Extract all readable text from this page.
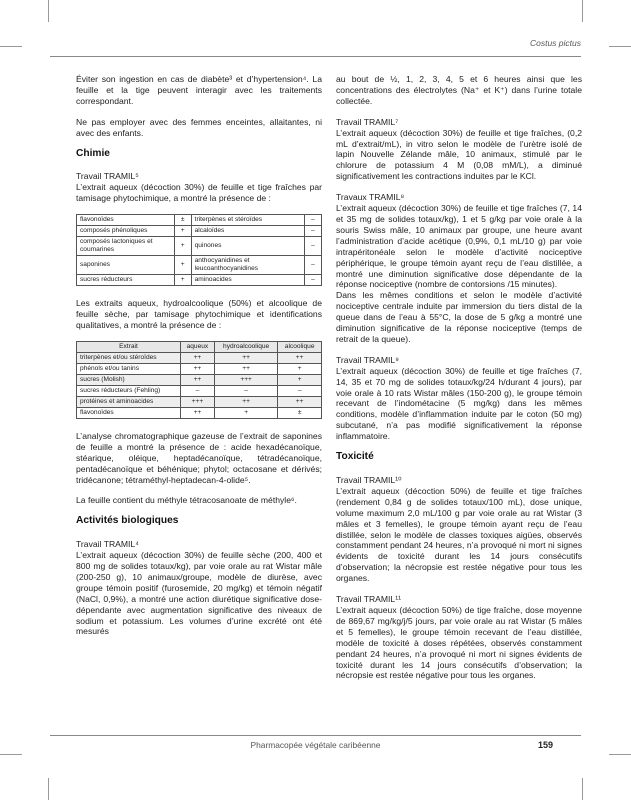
Costus pictus

Éviter son ingestion en cas de diabète³ et d’hypertension⁴. La feuille et la tige peuvent interagir avec les traitements correspondant.

Ne pas employer avec des femmes enceintes, allaitantes, ni avec des enfants.

Chimie
Travail TRAMIL⁵

L’extrait aqueux (décoction 30%) de feuille et tige fraîches par tamisage phytochimique, a montré la présence de :

flavonoïdes	±	triterpènes et stéroïdes	–
composés phénoliques	+	alcaloïdes	–
composés lactoniques et coumarines	+	quinones	–
saponines	+	anthocyanidines et leucoanthocyanidines	–
sucres réducteurs	+	aminoacides	–

Les extraits aqueux, hydroalcoolique (50%) et alcoolique de feuille sèche, par tamisage phytochimique et identifications qualitatives, a montré la présence de :

Extrait	aqueux	hydroalcoolique	alcoolique
triterpènes et/ou stéroïdes	++	++	++
phénols et/ou tanins	++	++	+
sucres (Molish)	++	+++	+
sucres réducteurs (Fehling)	–	–	–
protéines et aminoacides	+++	++	++
flavonoïdes	++	+	±

L’analyse chromatographique gazeuse de l’extrait de saponines de feuille a montré la présence de : acide hexadécanoïque, stéarique, oléique, heptadécanoïque, tétradécanoïque, pentadécanoïque et béhénique; phytol; octacosane et dérivés; tridécanone; tétraméthyl-heptadecan-4-olide⁵.

La feuille contient du méthyle tétracosanoate de méthyle⁶.

Activités biologiques
Travail TRAMIL⁴

L’extrait aqueux (décoction 30%) de feuille sèche (200, 400 et 800 mg de solides totaux/kg), par voie orale au rat Wistar mâle (200-250 g), 10 animaux/groupe, modèle de diurèse, avec groupe témoin positif (furosemide, 20 mg/kg) et témoin négatif (NaCl, 0,9%), a montré une action diurétique significative dose-dépendante avec augmentation significative des niveaux de sodium et potassium. Les volumes d’urine excrété ont été mesurés

au bout de ½, 1, 2, 3, 4, 5 et 6 heures ainsi que les concentrations des électrolytes (Na⁺ et K⁺) dans l’urine totale collectée.

Travail TRAMIL⁷

L’extrait aqueux (décoction 30%) de feuille et tige fraîches, (0,2 mL d’extrait/mL), in vitro selon le modèle de l’urètre isolé de lapin Nouvelle Zélande mâle, 10 animaux, stimulé par le chlorure de potassium 4 M (0,08 mM/L), a diminué significativement les contractions induites par le KCl.

Travaux TRAMIL⁸

L’extrait aqueux (décoction 30%) de feuille et tige fraîches (7, 14 et 35 mg de solides totaux/kg), 1 et 5 g/kg par voie orale à la souris Swiss mâle, 10 animaux par groupe, une heure avant l’administration d’acide acétique (0,9%, 0,1 mL/10 g) par voie intrapéritonéale selon le modèle d’activité nociceptive périphérique, le groupe témoin ayant reçu de l’eau distillée, a montré une diminution significative dose dépendante de la réponse nociceptive (nombre de contorsions /15 minutes).

Dans les mêmes conditions et selon le modèle d’activité nociceptive centrale induite par immersion du tiers distal de la queue dans de l’eau à 55°C, la dose de 5 g/kg a montré une diminution significative de la réponse nociceptive (temps de retrait de la queue).

Travail TRAMIL⁹

L’extrait aqueux (décoction 30%) de feuille et tige fraîches (7, 14, 35 et 70 mg de solides totaux/kg/24 h/durant 4 jours), par voie orale à 10 rats Wistar mâles (150-200 g), le groupe témoin recevant de l’indométacine (5 mg/kg) dans les mêmes conditions, modèle d’inflammation induite par le coton (50 mg) subcutané, n’a pas modifié significativement la réponse inflammatoire.

Toxicité
Travail TRAMIL¹⁰

L’extrait aqueux (décoction 50%) de feuille et tige fraîches (rendement 0,84 g de solides totaux/100 mL), dose unique, volume maximum 2,0 mL/100 g par voie orale au rat Wistar (3 mâles et 3 femelles), le groupe témoin ayant reçu de l’eau distillée, selon le modèle de classes toxiques aigües, observés constamment pendant 24 heures, n’a provoqué ni mort ni signes évidents de toxicité durant les 14 jours consécutifs d’observation; la nécropsie est restée négative pour tous les organes.

Travail TRAMIL¹¹

L’extrait aqueux (décoction 50%) de tige fraîche, dose moyenne de 869,67 mg/kg/j/5 jours, par voie orale au rat Wistar (5 mâles et 5 femelles), le groupe témoin recevant de l’eau distillée, modèle de toxicité à doses répétées, observés constamment pendant 24 heures, n’a provoqué ni mort ni signes évidents de toxicité durant les 14 jours consécutifs d’observation; la nécropsie est restée négative pour tous les organes.

Pharmacopée végétale caribéenne	159
